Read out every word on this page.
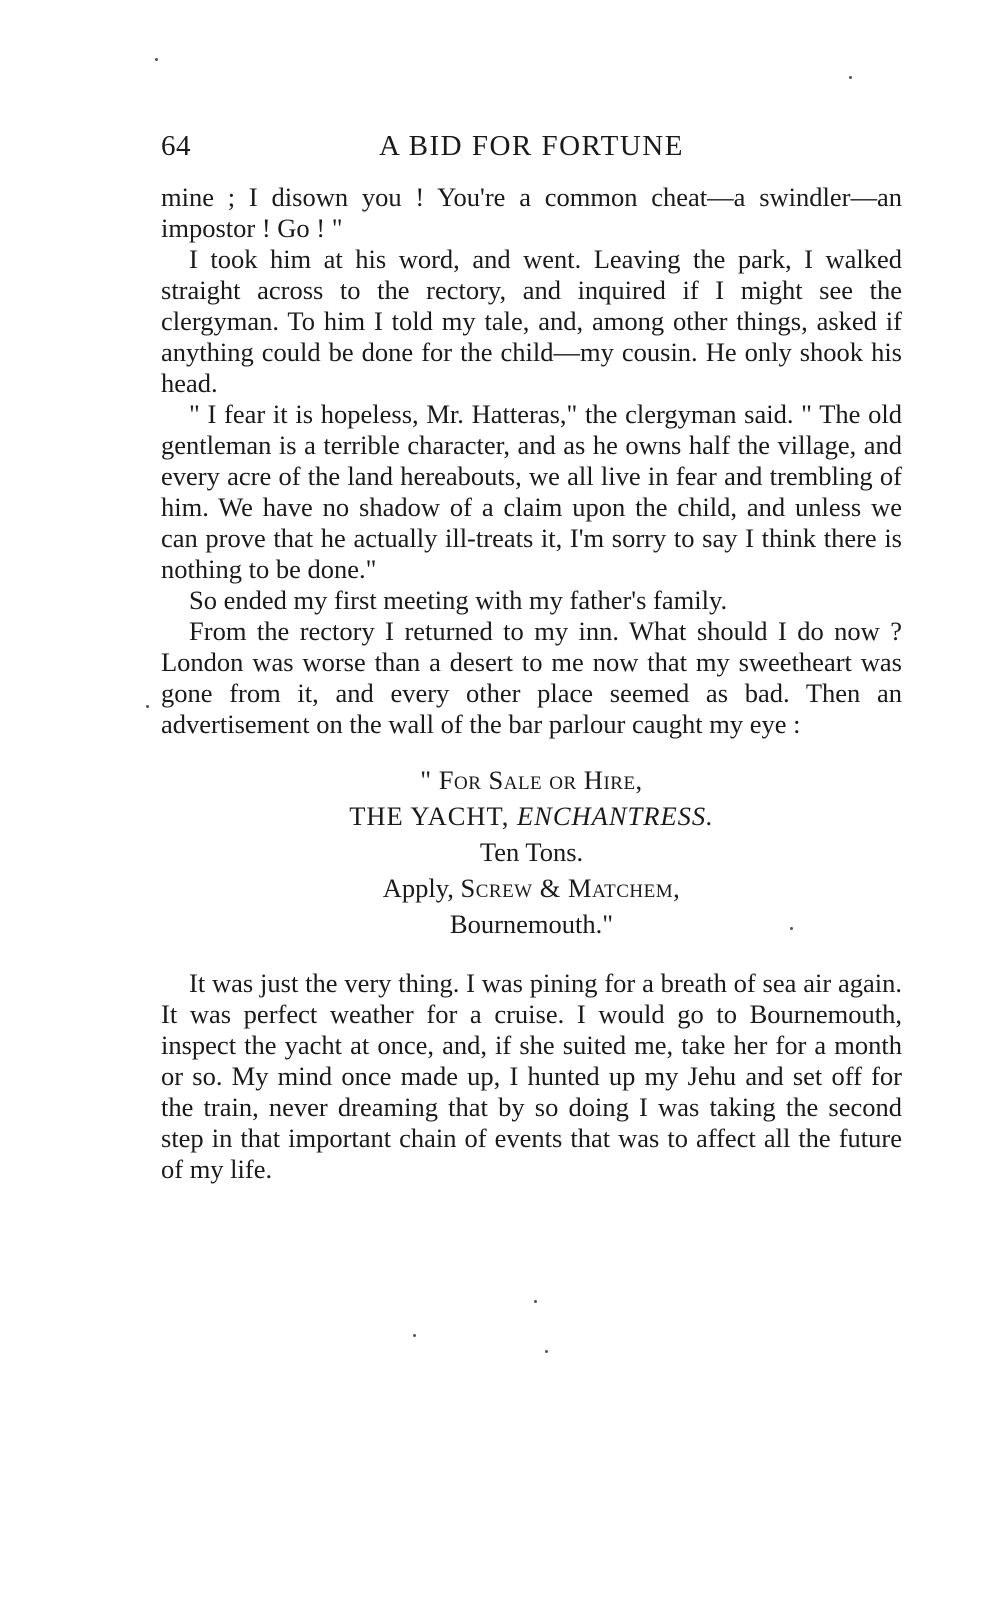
64	A BID FOR FORTUNE

mine ; I disown you ! You're a common cheat—a swindler—an impostor ! Go ! "

I took him at his word, and went. Leaving the park, I walked straight across to the rectory, and inquired if I might see the clergyman. To him I told my tale, and, among other things, asked if anything could be done for the child—my cousin. He only shook his head.

" I fear it is hopeless, Mr. Hatteras," the clergyman said. " The old gentleman is a terrible character, and as he owns half the village, and every acre of the land hereabouts, we all live in fear and trembling of him. We have no shadow of a claim upon the child, and unless we can prove that he actually ill-treats it, I'm sorry to say I think there is nothing to be done."

So ended my first meeting with my father's family.

From the rectory I returned to my inn. What should I do now ? London was worse than a desert to me now that my sweetheart was gone from it, and every other place seemed as bad. Then an advertisement on the wall of the bar parlour caught my eye :

" For Sale or Hire,
THE YACHT, ENCHANTRESS.
Ten Tons.
Apply, Screw & Matchem,
Bournemouth."

It was just the very thing. I was pining for a breath of sea air again. It was perfect weather for a cruise. I would go to Bournemouth, inspect the yacht at once, and, if she suited me, take her for a month or so. My mind once made up, I hunted up my Jehu and set off for the train, never dreaming that by so doing I was taking the second step in that important chain of events that was to affect all the future of my life.
